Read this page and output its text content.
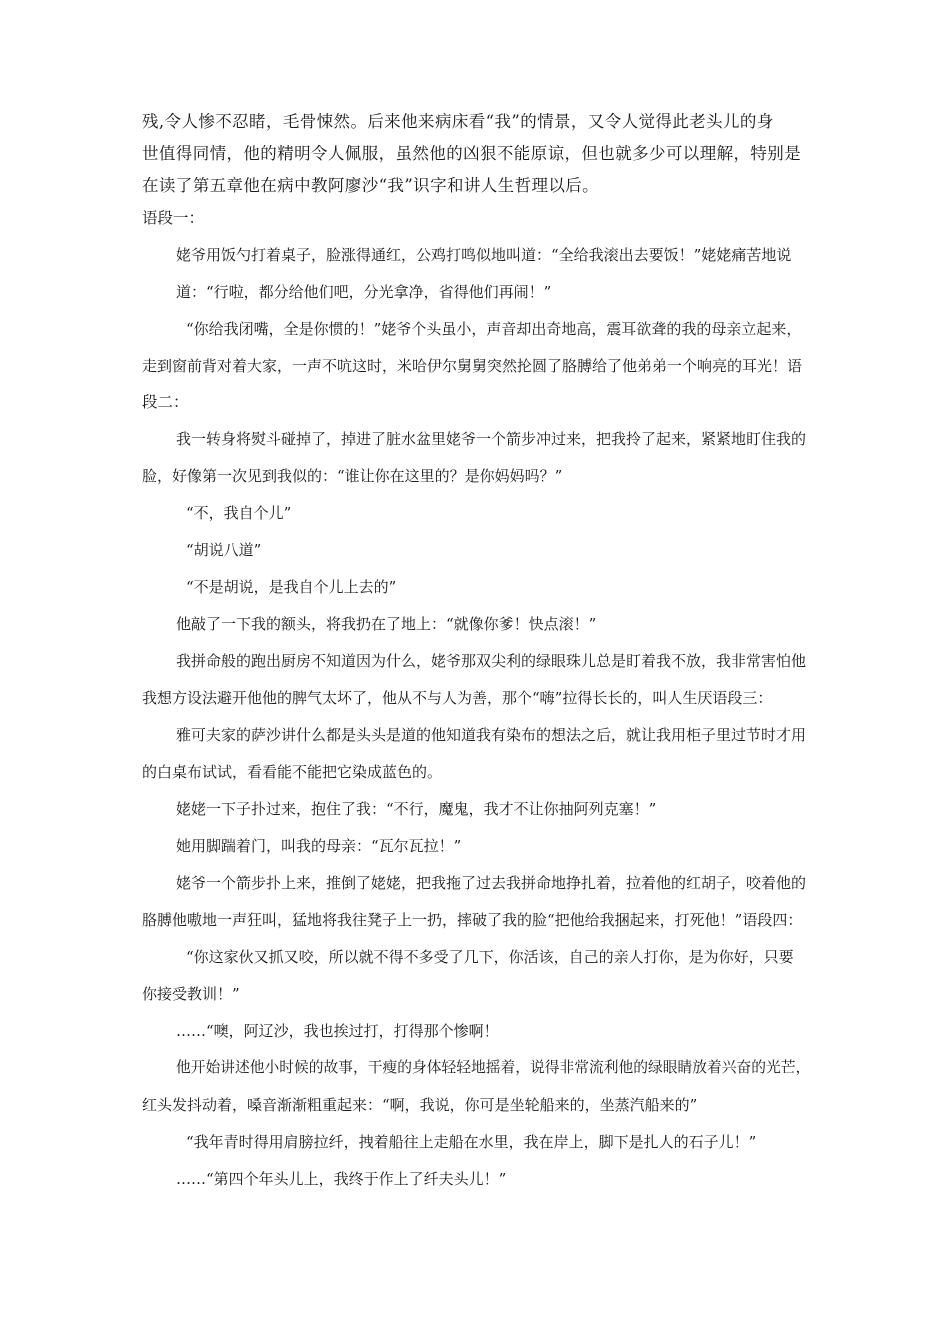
残,令人惨不忍睹，毛骨悚然。后来他来病床看“我”的情景，又令人觉得此老头儿的身
世值得同情，他的精明令人佩服，虽然他的凶狠不能原谅，但也就多少可以理解，特别是
在读了第五章他在病中教阿廖沙“我”识字和讲人生哲理以后。
语段一：
姥爷用饭勺打着桌子，脸涨得通红，公鸡打鸣似地叫道：“全给我滚出去要饭！”姥姥痛苦地说
道：“行啦，都分给他们吧，分光拿净，省得他们再闹！”
“你给我闭嘴，全是你惯的！”姥爷个头虽小，声音却出奇地高，震耳欲聋的我的母亲立起来，
走到窗前背对着大家，一声不吭这时，米哈伊尔舅舅突然抡圆了胳膊给了他弟弟一个响亮的耳光！语
段二：
我一转身将熨斗碰掉了，掉进了脏水盆里姥爷一个箭步冲过来，把我拎了起来，紧紧地盯住我的
脸，好像第一次见到我似的：“谁让你在这里的？是你妈妈吗？”
“不，我自个儿”
“胡说八道”
“不是胡说，是我自个儿上去的”
他敲了一下我的额头，将我扔在了地上：“就像你爹！快点滚！”
我拼命般的跑出厨房不知道因为什么，姥爷那双尖利的绿眼珠儿总是盯着我不放，我非常害怕他
我想方设法避开他他的脾气太坏了，他从不与人为善，那个“嗨”拉得长长的，叫人生厌语段三：
雅可夫家的萨沙讲什么都是头头是道的他知道我有染布的想法之后，就让我用柜子里过节时才用
的白桌布试试，看看能不能把它染成蓝色的。
姥姥一下子扑过来，抱住了我：“不行，魔鬼，我才不让你抽阿列克塞！”
她用脚踹着门，叫我的母亲：“瓦尔瓦拉！”
姥爷一个箭步扑上来，推倒了姥姥，把我拖了过去我拼命地挣扎着，拉着他的红胡子，咬着他的
胳膊他嗷地一声狂叫，猛地将我往凳子上一扔，摔破了我的脸“把他给我捆起来，打死他！”语段四：
“你这家伙又抓又咬，所以就不得不多受了几下，你活该，自己的亲人打你，是为你好，只要
你接受教训！”
……“噢，阿辽沙，我也挨过打，打得那个惨啊！
他开始讲述他小时候的故事，干瘦的身体轻轻地摇着，说得非常流利他的绿眼睛放着兴奋的光芒，
红头发抖动着，嗓音渐渐粗重起来：“啊，我说，你可是坐轮船来的，坐蒸汽船来的”
“我年青时得用肩膀拉纤，拽着船往上走船在水里，我在岸上，脚下是扎人的石子儿！”
……“第四个年头儿上，我终于作上了纤夫头儿！”
